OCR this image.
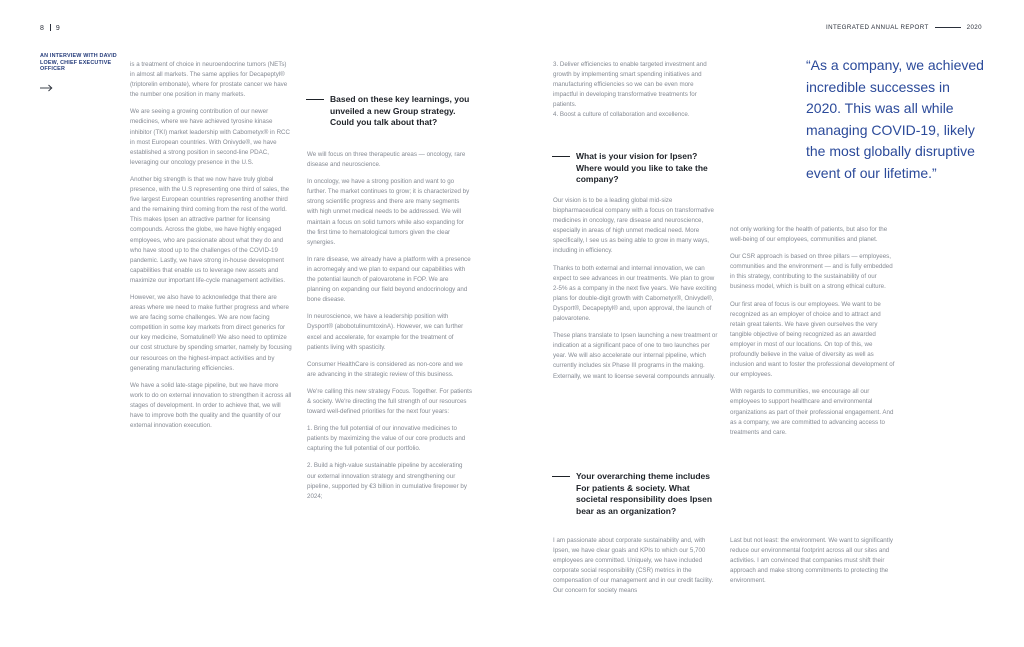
8 9	INTEGRATED ANNUAL REPORT	2020
AN INTERVIEW WITH DAVID LOEW, CHIEF EXECUTIVE OFFICER

is a treatment of choice in neuroendocrine tumors (NETs) in almost all markets. The same applies for Decapeptyl® (triptorelin embonate), where for prostate cancer we have the number one position in many markets.

We are seeing a growing contribution of our newer medicines, where we have achieved tyrosine kinase inhibitor (TKI) market leadership with Cabometyx® in RCC in most European countries. With Onivyde®, we have established a strong position in second-line PDAC, leveraging our oncology presence in the U.S.

Another big strength is that we now have truly global presence, with the U.S representing one third of sales, the five largest European countries representing another third and the remaining third coming from the rest of the world. This makes Ipsen an attractive partner for licensing compounds. Across the globe, we have highly engaged employees, who are passionate about what they do and who have stood up to the challenges of the COVID-19 pandemic. Lastly, we have strong in-house development capabilities that enable us to leverage new assets and maximize our important life-cycle management activities.

However, we also have to acknowledge that there are areas where we need to make further progress and where we are facing some challenges. We are now facing competition in some key markets from direct generics for our key medicine, Somatuline® We also need to optimize our cost structure by spending smarter, namely by focusing our resources on the highest-impact activities and by generating manufacturing efficiencies.

We have a solid late-stage pipeline, but we have more work to do on external innovation to strengthen it across all stages of development. In order to achieve that, we will have to improve both the quality and the quantity of our external innovation execution.

Based on these key learnings, you unveiled a new Group strategy. Could you talk about that?

We will focus on three therapeutic areas — oncology, rare disease and neuroscience.

In oncology, we have a strong position and want to go further. The market continues to grow; it is characterized by strong scientific progress and there are many segments with high unmet medical needs to be addressed. We will maintain a focus on solid tumors while also expanding for the first time to hematological tumors given the clear synergies.

In rare disease, we already have a platform with a presence in acromegaly and we plan to expand our capabilities with the potential launch of palovarotene in FOP. We are planning on expanding our field beyond endocrinology and bone disease.

In neuroscience, we have a leadership position with Dysport® (abobotulinumtoxinA). However, we can further excel and accelerate, for example for the treatment of patients living with spasticity.

Consumer HealthCare is considered as non-core and we are advancing in the strategic review of this business.

We're calling this new strategy Focus. Together. For patients & society. We're directing the full strength of our resources toward well-defined priorities for the next four years:

1. Bring the full potential of our innovative medicines to patients by maximizing the value of our core products and capturing the full potential of our portfolio.

2. Build a high-value sustainable pipeline by accelerating our external innovation strategy and strengthening our pipeline, supported by €3 billion in cumulative firepower by 2024;

3. Deliver efficiencies to enable targeted investment and growth by implementing smart spending initiatives and manufacturing efficiencies so we can be even more impactful in developing transformative treatments for patients.

4. Boost a culture of collaboration and excellence.

What is your vision for Ipsen? Where would you like to take the company?

Our vision is to be a leading global mid-size biopharmaceutical company with a focus on transformative medicines in oncology, rare disease and neuroscience, especially in areas of high unmet medical need. More specifically, I see us as being able to grow in many ways, including in efficiency.

Thanks to both external and internal innovation, we can expect to see advances in our treatments. We plan to grow 2-5% as a company in the next five years. We have exciting plans for double-digit growth with Cabometyx®, Onivyde®, Dysport®, Decapeptyl® and, upon approval, the launch of palovarotene.

These plans translate to Ipsen launching a new treatment or indication at a significant pace of one to two launches per year. We will also accelerate our internal pipeline, which currently includes six Phase III programs in the making. Externally, we want to license several compounds annually.

Your overarching theme includes For patients & society. What societal responsibility does Ipsen bear as an organization?

I am passionate about corporate sustainability and, with Ipsen, we have clear goals and KPIs to which our 5,700 employees are committed. Uniquely, we have included corporate social responsibility (CSR) metrics in the compensation of our management and in our credit facility. Our concern for society means

not only working for the health of patients, but also for the well-being of our employees, communities and planet.

Our CSR approach is based on three pillars — employees, communities and the environment — and is fully embedded in this strategy, contributing to the sustainability of our business model, which is built on a strong ethical culture.

Our first area of focus is our employees. We want to be recognized as an employer of choice and to attract and retain great talents. We have given ourselves the very tangible objective of being recognized as an awarded employer in most of our locations. On top of this, we profoundly believe in the value of diversity as well as inclusion and want to foster the professional development of our employees.

With regards to communities, we encourage all our employees to support healthcare and environmental organizations as part of their professional engagement. And as a company, we are committed to advancing access to treatments and care.

Last but not least: the environment. We want to significantly reduce our environmental footprint across all our sites and activities. I am convinced that companies must shift their approach and make strong commitments to protecting the environment.

“As a company, we achieved incredible successes in 2020. This was all while managing COVID-19, likely the most globally disruptive event of our lifetime.”
